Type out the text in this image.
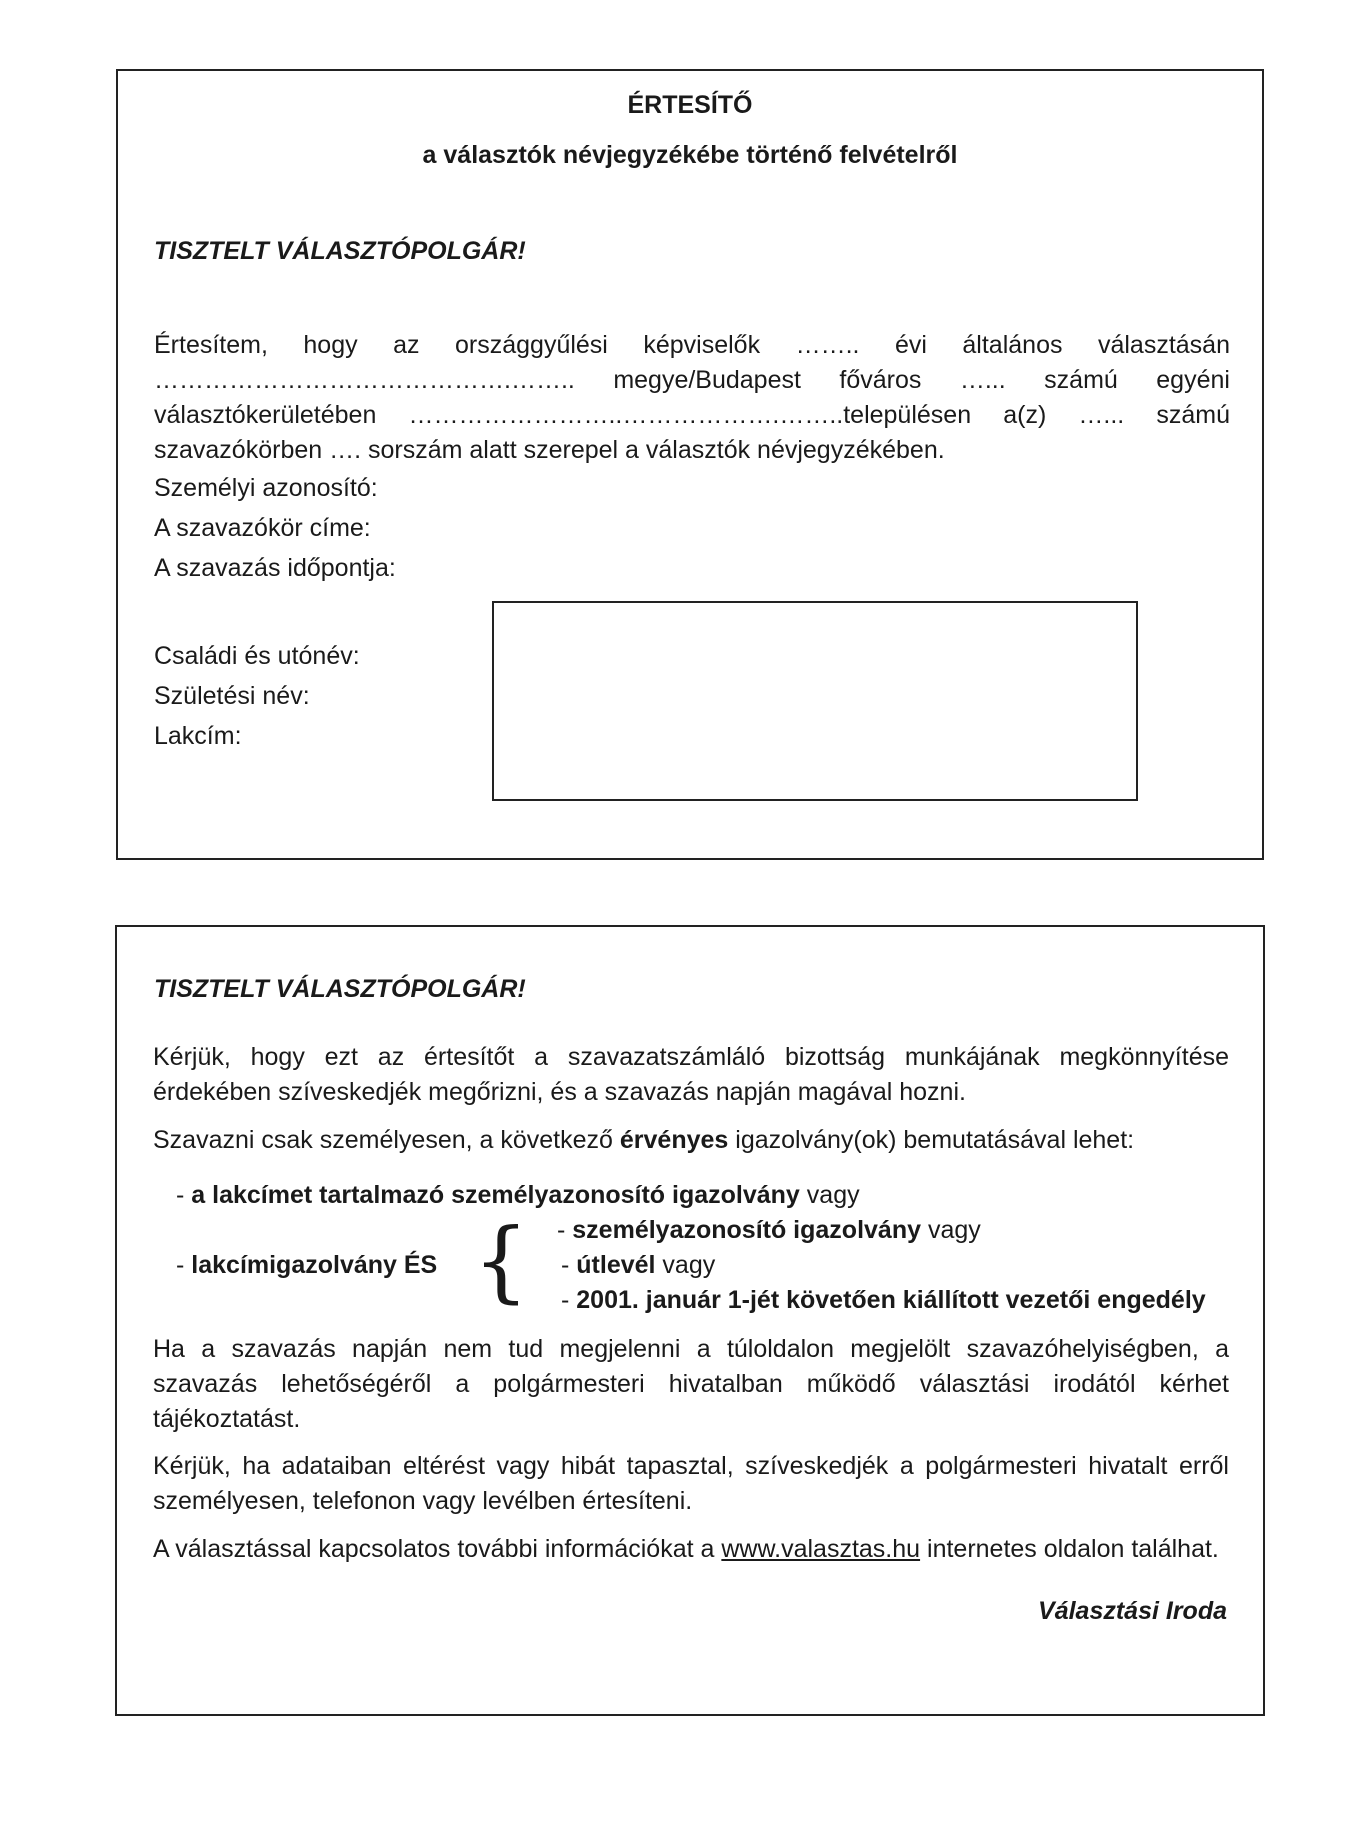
ÉRTESÍTŐ
a választók névjegyzékébe történő felvételről
TISZTELT VÁLASZTÓPOLGÁR!
Értesítem, hogy az országgyűlési képviselők …….. évi általános választásán
…………………………………….…….. megye/Budapest főváros …... számú egyéni
választókerületében ……………………..……………….……..településen a(z) …... számú
szavazókörben …. sorszám alatt szerepel a választók névjegyzékében.
Személyi azonosító:
A szavazókör címe:
A szavazás időpontja:
Családi és utónév:
Születési név:
Lakcím:
TISZTELT VÁLASZTÓPOLGÁR!

Kérjük, hogy ezt az értesítőt a szavazatszámláló bizottság munkájának megkönnyítése érdekében szíveskedjék megőrizni, és a szavazás napján magával hozni.

Szavazni csak személyesen, a következő érvényes igazolvány(ok) bemutatásával lehet:
- a lakcímet tartalmazó személyazonosító igazolvány vagy
- lakcímigazolvány ÉS { - személyazonosító igazolvány vagy
- útlevél vagy
- 2001. január 1-jét követően kiállított vezetői engedély

Ha a szavazás napján nem tud megjelenni a túloldalon megjelölt szavazóhelyiségben, a szavazás lehetőségéről a polgármesteri hivatalban működő választási irodától kérhet tájékoztatást.

Kérjük, ha adataiban eltérést vagy hibát tapasztal, szíveskedjék a polgármesteri hivatalt erről személyesen, telefonon vagy levélben értesíteni.

A választással kapcsolatos további információkat a www.valasztas.hu internetes oldalon találhat.
Választási Iroda
